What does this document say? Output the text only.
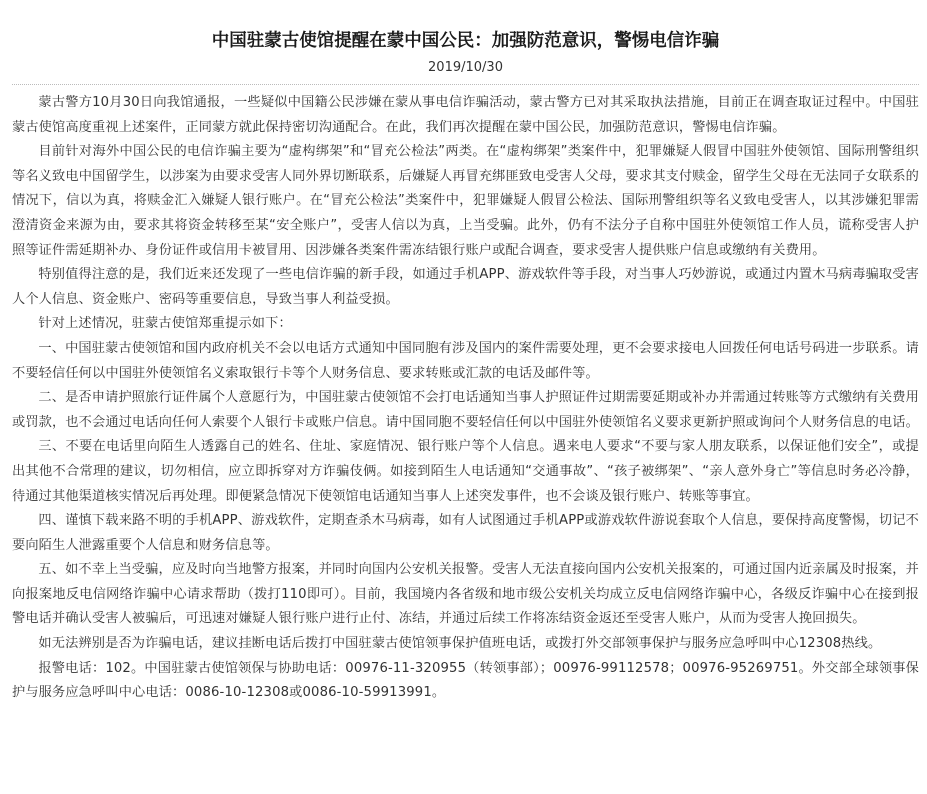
中国驻蒙古使馆提醒在蒙中国公民：加强防范意识，警惕电信诈骗
2019/10/30

蒙古警方10月30日向我馆通报，一些疑似中国籍公民涉嫌在蒙从事电信诈骗活动，蒙古警方已对其采取执法措施，目前正在调查取证过程中。中国驻蒙古使馆高度重视上述案件，正同蒙方就此保持密切沟通配合。在此，我们再次提醒在蒙中国公民，加强防范意识，警惕电信诈骗。

目前针对海外中国公民的电信诈骗主要为“虚构绑架”和“冒充公检法”两类。在“虚构绑架”类案件中，犯罪嫌疑人假冒中国驻外使领馆、国际刑警组织等名义致电中国留学生，以涉案为由要求受害人同外界切断联系，后嫌疑人再冒充绑匪致电受害人父母，要求其支付赎金，留学生父母在无法同子女联系的情况下，信以为真，将赎金汇入嫌疑人银行账户。在“冒充公检法”类案件中，犯罪嫌疑人假冒公检法、国际刑警组织等名义致电受害人，以其涉嫌犯罪需澄清资金来源为由，要求其将资金转移至某“安全账户”，受害人信以为真，上当受骗。此外，仍有不法分子自称中国驻外使领馆工作人员，谎称受害人护照等证件需延期补办、身份证件或信用卡被冒用、因涉嫌各类案件需冻结银行账户或配合调查，要求受害人提供账户信息或缴纳有关费用。

特别值得注意的是，我们近来还发现了一些电信诈骗的新手段，如通过手机APP、游戏软件等手段，对当事人巧妙游说，或通过内置木马病毒骗取受害人个人信息、资金账户、密码等重要信息，导致当事人利益受损。

针对上述情况，驻蒙古使馆郑重提示如下：

一、中国驻蒙古使领馆和国内政府机关不会以电话方式通知中国同胞有涉及国内的案件需要处理，更不会要求接电人回拨任何电话号码进一步联系。请不要轻信任何以中国驻外使领馆名义索取银行卡等个人财务信息、要求转账或汇款的电话及邮件等。

二、是否申请护照旅行证件属个人意愿行为，中国驻蒙古使领馆不会打电话通知当事人护照证件过期需要延期或补办并需通过转账等方式缴纳有关费用或罚款，也不会通过电话向任何人索要个人银行卡或账户信息。请中国同胞不要轻信任何以中国驻外使领馆名义要求更新护照或询问个人财务信息的电话。

三、不要在电话里向陌生人透露自己的姓名、住址、家庭情况、银行账户等个人信息。遇来电人要求“不要与家人朋友联系，以保证他们安全”，或提出其他不合常理的建议，切勿相信，应立即拆穿对方诈骗伎俩。如接到陌生人电话通知“交通事故”、“孩子被绑架”、“亲人意外身亡”等信息时务必冷静，待通过其他渠道核实情况后再处理。即便紧急情况下使领馆电话通知当事人上述突发事件，也不会谈及银行账户、转账等事宜。

四、谨慎下载来路不明的手机APP、游戏软件，定期查杀木马病毒，如有人试图通过手机APP或游戏软件游说套取个人信息，要保持高度警惕，切记不要向陌生人泄露重要个人信息和财务信息等。

五、如不幸上当受骗，应及时向当地警方报案，并同时向国内公安机关报警。受害人无法直接向国内公安机关报案的，可通过国内近亲属及时报案，并向报案地反电信网络诈骗中心请求帮助（拨打110即可）。目前，我国境内各省级和地市级公安机关均成立反电信网络诈骗中心，各级反诈骗中心在接到报警电话并确认受害人被骗后，可迅速对嫌疑人银行账户进行止付、冻结，并通过后续工作将冻结资金返还至受害人账户，从而为受害人挽回损失。

如无法辨别是否为诈骗电话，建议挂断电话后拨打中国驻蒙古使馆领事保护值班电话，或拨打外交部领事保护与服务应急呼叫中心12308热线。

报警电话：102。中国驻蒙古使馆领保与协助电话：00976-11-320955（转领事部）；00976-99112578；00976-95269751。外交部全球领事保护与服务应急呼叫中心电话：0086-10-12308或0086-10-59913991。
